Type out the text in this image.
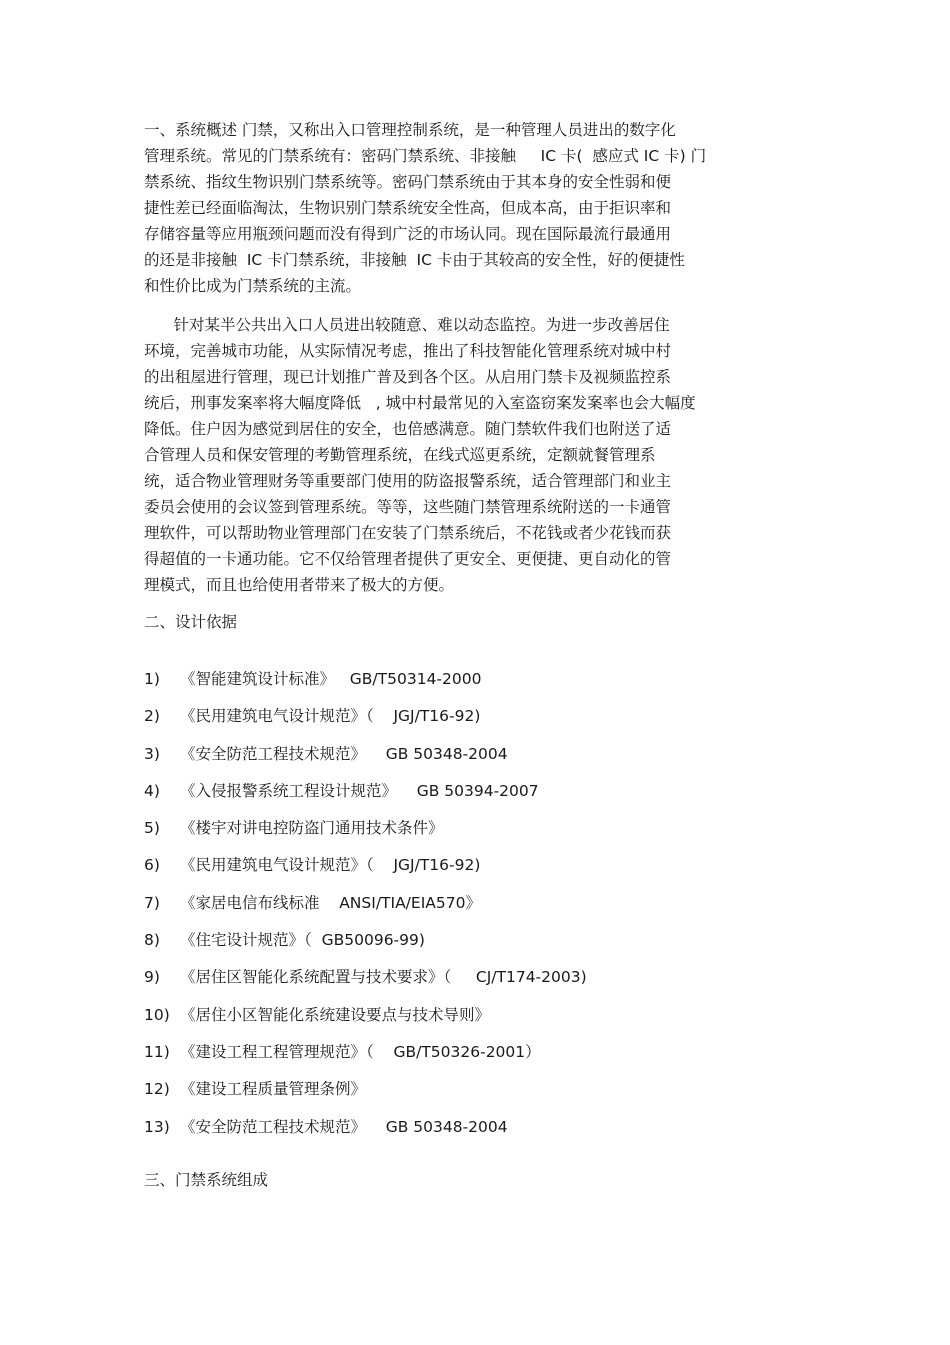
一、系统概述 门禁，又称出入口管理控制系统，是一种管理人员进出的数字化
管理系统。常见的门禁系统有：密码门禁系统、非接触     IC 卡(  感应式 IC 卡) 门
禁系统、指纹生物识别门禁系统等。密码门禁系统由于其本身的安全性弱和便
捷性差已经面临淘汰，生物识别门禁系统安全性高，但成本高，由于拒识率和
存储容量等应用瓶颈问题而没有得到广泛的市场认同。现在国际最流行最通用
的还是非接触  IC 卡门禁系统，非接触  IC 卡由于其较高的安全性，好的便捷性
和性价比成为门禁系统的主流。
针对某半公共出入口人员进出较随意、难以动态监控。为进一步改善居住
环境，完善城市功能，从实际情况考虑，推出了科技智能化管理系统对城中村
的出租屋进行管理，现已计划推广普及到各个区。从启用门禁卡及视频监控系
统后，刑事发案率将大幅度降低   , 城中村最常见的入室盗窃案发案率也会大幅度
降低。住户因为感觉到居住的安全，也倍感满意。随门禁软件我们也附送了适
合管理人员和保安管理的考勤管理系统，在线式巡更系统，定额就餐管理系
统，适合物业管理财务等重要部门使用的防盗报警系统，适合管理部门和业主
委员会使用的会议签到管理系统。等等，这些随门禁管理系统附送的一卡通管
理软件，可以帮助物业管理部门在安装了门禁系统后，不花钱或者少花钱而获
得超值的一卡通功能。它不仅给管理者提供了更安全、更便捷、更自动化的管
理模式，而且也给使用者带来了极大的方便。
二、设计依据
1)	《智能建筑设计标准》   GB/T50314-2000
2)	《民用建筑电气设计规范》（    JGJ/T16-92)
3)	《安全防范工程技术规范》    GB 50348-2004
4)	《入侵报警系统工程设计规范》    GB 50394-2007
5)	《楼宇对讲电控防盗门通用技术条件》
6)	《民用建筑电气设计规范》（    JGJ/T16-92)
7)	《家居电信布线标准    ANSI/TIA/EIA570》
8)	《住宅设计规范》（  GB50096-99)
9)	《居住区智能化系统配置与技术要求》（     CJ/T174-2003)
10) 《居住小区智能化系统建设要点与技术导则》
11) 《建设工程工程管理规范》（    GB/T50326-2001）
12) 《建设工程质量管理条例》
13) 《安全防范工程技术规范》    GB 50348-2004
三、门禁系统组成
